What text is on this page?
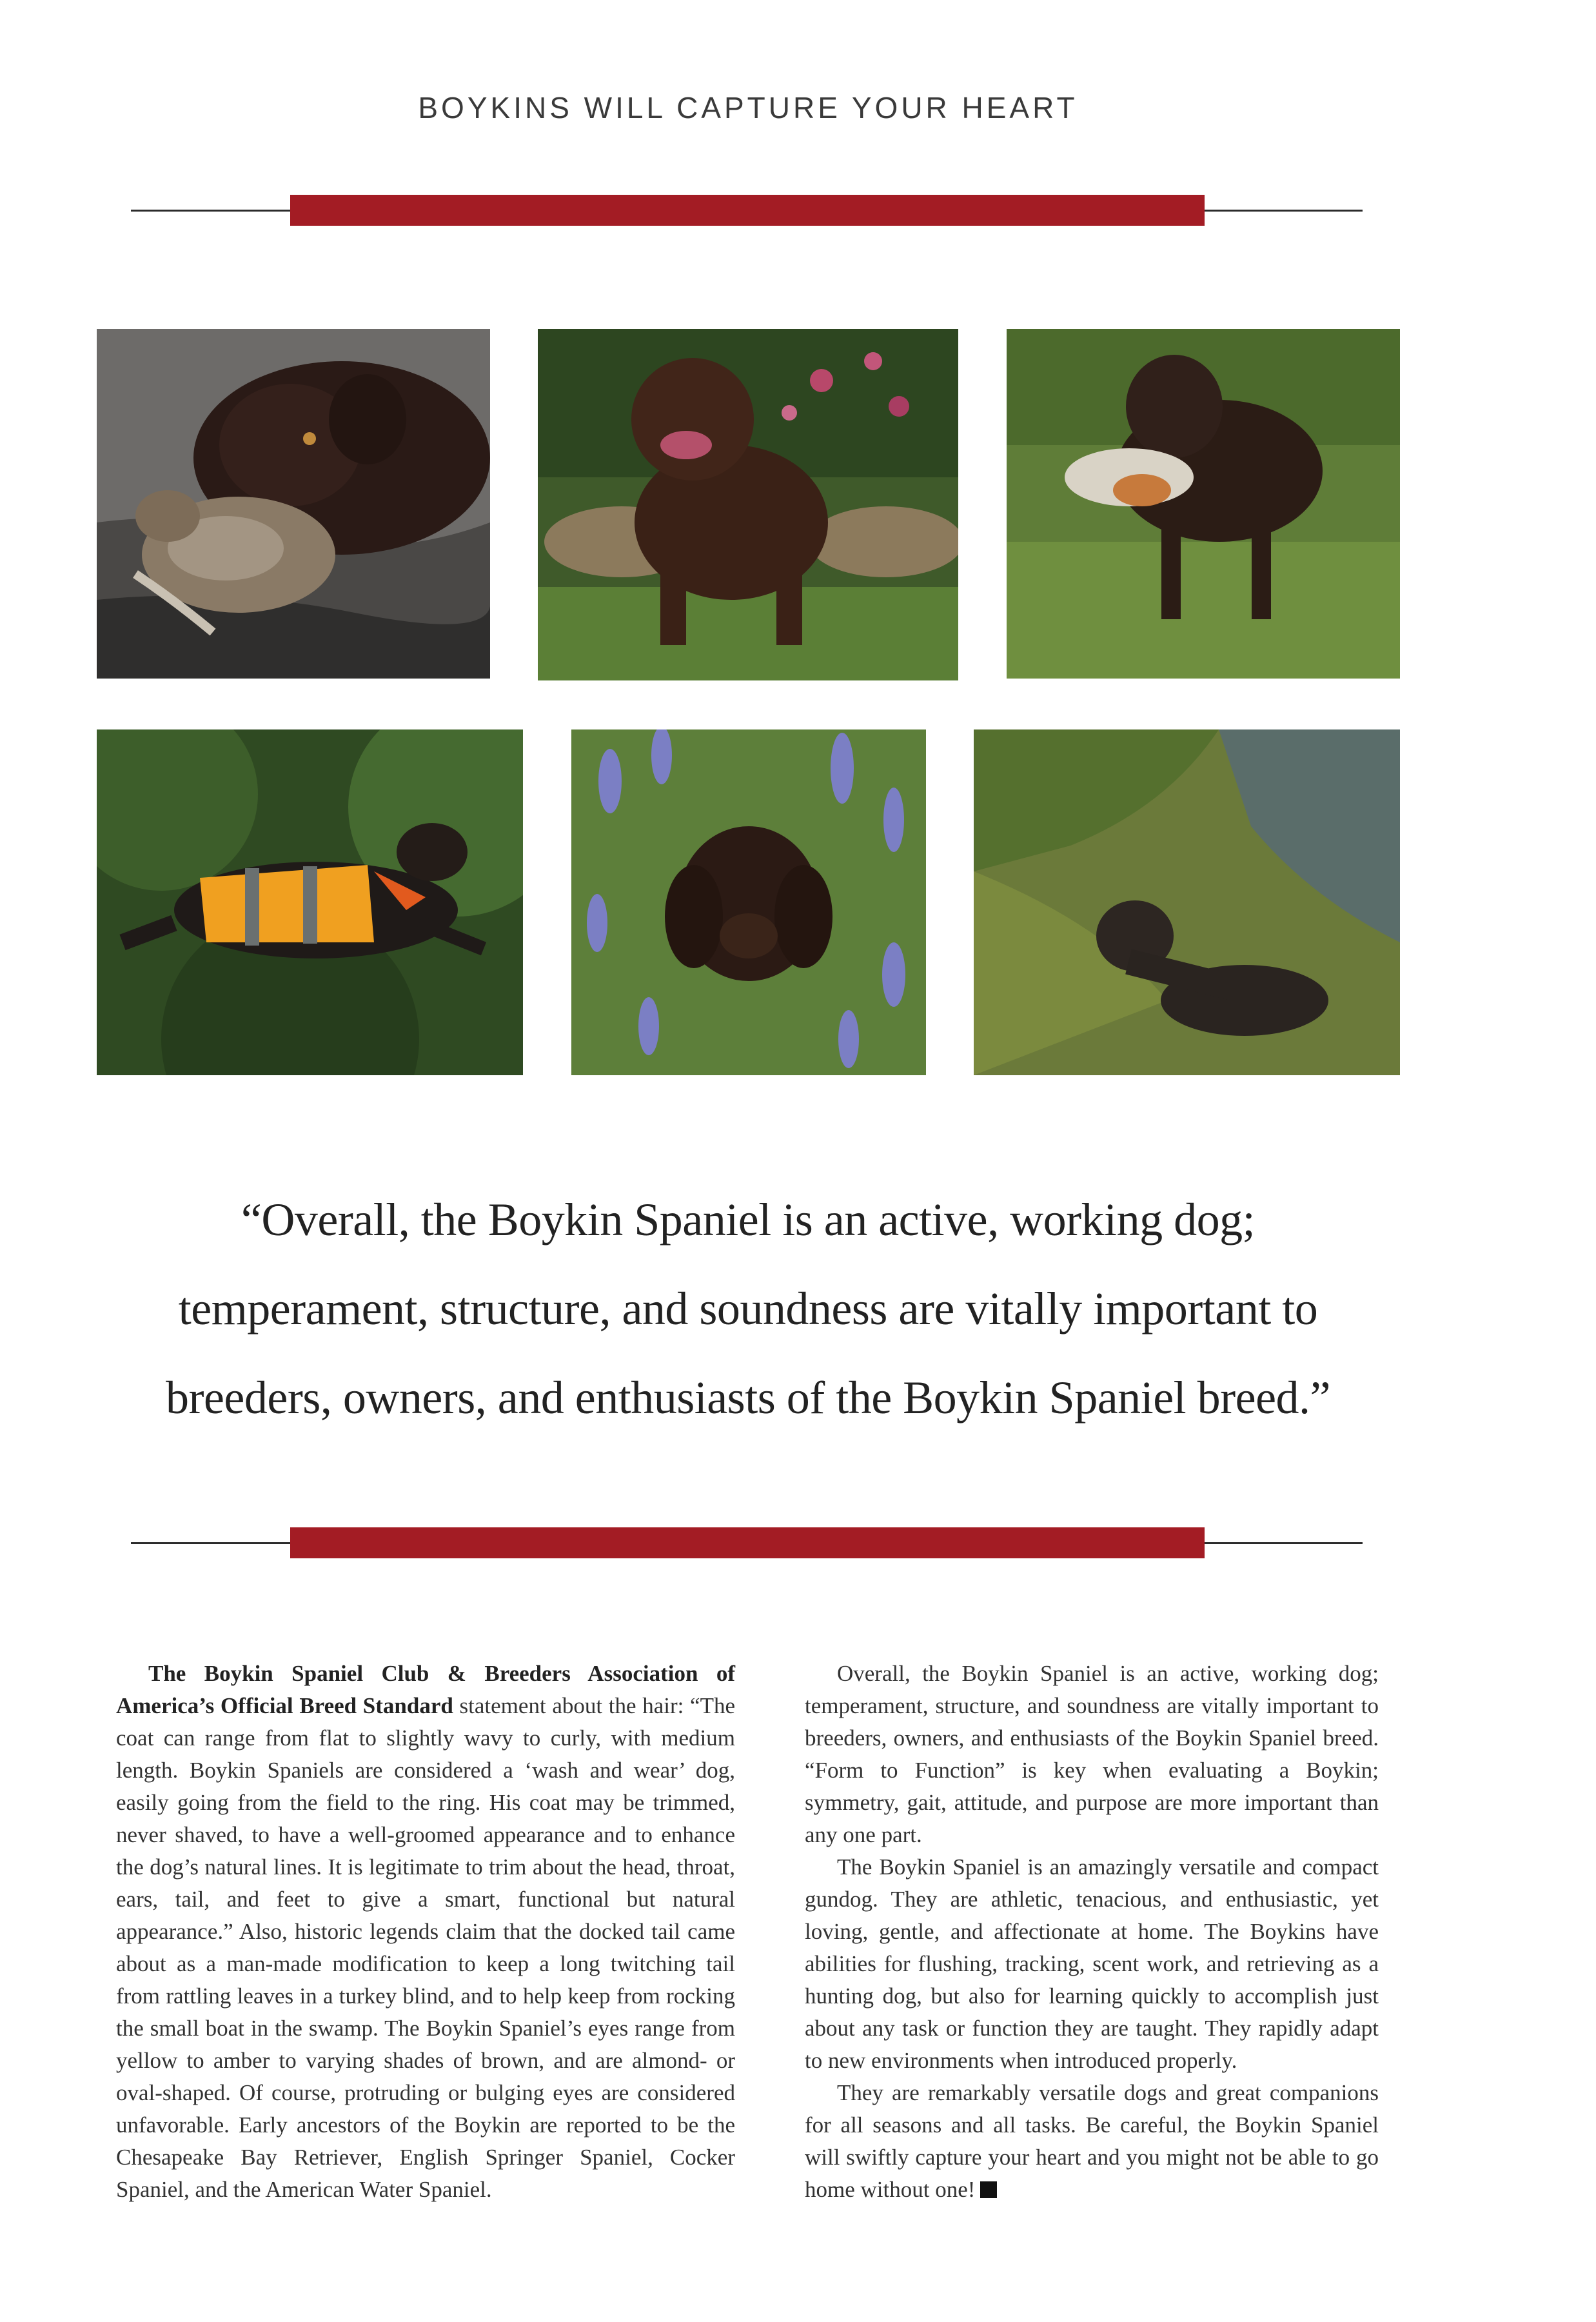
BOYKINS WILL CAPTURE YOUR HEART
“Overall, the Boykin Spaniel is an active, working dog;
temperament, structure, and soundness are vitally important to
breeders, owners, and enthusiasts of the Boykin Spaniel breed.”

The Boykin Spaniel Club & Breeders Association of America’s Official Breed Standard statement about the hair: “The coat can range from flat to slightly wavy to curly, with medium length. Boykin Spaniels are considered a ‘wash and wear’ dog, easily going from the field to the ring. His coat may be trimmed, never shaved, to have a well-groomed appearance and to enhance the dog’s natural lines. It is legitimate to trim about the head, throat, ears, tail, and feet to give a smart, functional but natural appearance.” Also, historic legends claim that the docked tail came about as a man-made modification to keep a long twitching tail from rattling leaves in a turkey blind, and to help keep from rocking the small boat in the swamp. The Boykin Spaniel’s eyes range from yellow to amber to varying shades of brown, and are almond- or oval-shaped. Of course, protruding or bulging eyes are considered unfavorable. Early ancestors of the Boykin are reported to be the Chesapeake Bay Retriever, English Springer Spaniel, Cocker Spaniel, and the American Water Spaniel.

Overall, the Boykin Spaniel is an active, working dog; temperament, structure, and soundness are vitally important to breeders, owners, and enthusiasts of the Boykin Spaniel breed. “Form to Function” is key when evaluating a Boykin; symmetry, gait, attitude, and purpose are more important than any one part.

The Boykin Spaniel is an amazingly versatile and compact gundog. They are athletic, tenacious, and enthusiastic, yet loving, gentle, and affectionate at home. The Boykins have abilities for flushing, tracking, scent work, and retrieving as a hunting dog, but also for learning quickly to accomplish just about any task or function they are taught. They rapidly adapt to new environments when introduced properly.

They are remarkably versatile dogs and great companions for all seasons and all tasks. Be careful, the Boykin Spaniel will swiftly capture your heart and you might not be able to go home without one!
